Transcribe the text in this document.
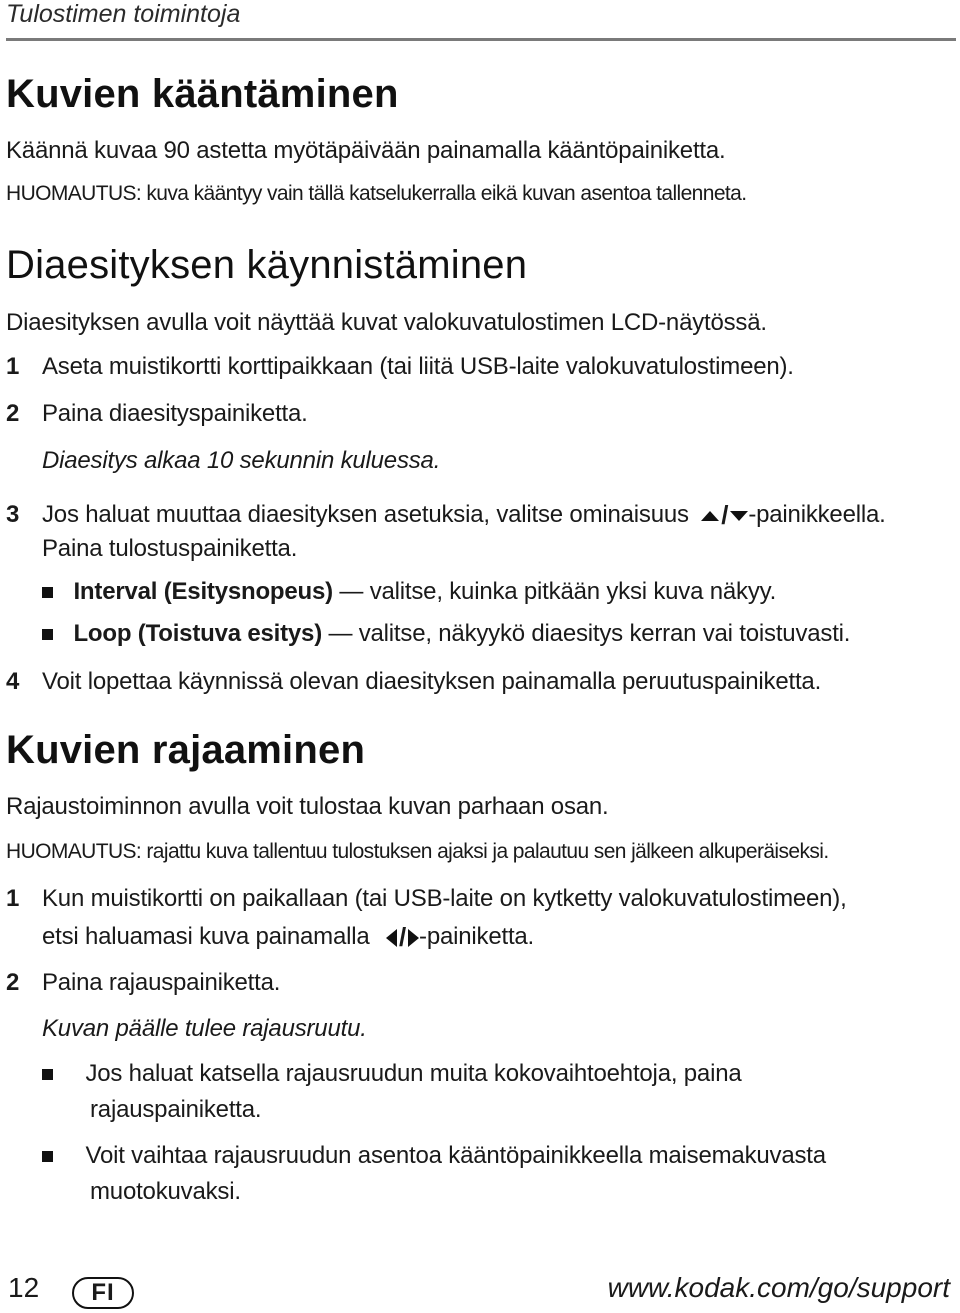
Tulostimen toimintoja
Kuvien kääntäminen
Käännä kuvaa 90 astetta myötäpäivään painamalla kääntöpainiketta.
HUOMAUTUS: kuva kääntyy vain tällä katselukerralla eikä kuvan asentoa tallenneta.
Diaesityksen käynnistäminen
Diaesityksen avulla voit näyttää kuvat valokuvatulostimen LCD-näytössä.
1 Aseta muistikortti korttipaikkaan (tai liitä USB-laite valokuvatulostimeen).
2 Paina diaesityspainiketta.
Diaesitys alkaa 10 sekunnin kuluessa.
3 Jos haluat muuttaa diaesityksen asetuksia, valitse ominaisuus / -painikkeella.
Paina tulostuspainiketta.
Interval (Esitysnopeus) — valitse, kuinka pitkään yksi kuva näkyy.
Loop (Toistuva esitys) — valitse, näkyykö diaesitys kerran vai toistuvasti.
4 Voit lopettaa käynnissä olevan diaesityksen painamalla peruutuspainiketta.
Kuvien rajaaminen
Rajaustoiminnon avulla voit tulostaa kuvan parhaan osan.
HUOMAUTUS: rajattu kuva tallentuu tulostuksen ajaksi ja palautuu sen jälkeen alkuperäiseksi.
1 Kun muistikortti on paikallaan (tai USB-laite on kytketty valokuvatulostimeen),
etsi haluamasi kuva painamalla / -painiketta.
2 Paina rajauspainiketta.
Kuvan päälle tulee rajausruutu.
Jos haluat katsella rajausruudun muita kokovaihtoehtoja, paina
rajauspainiketta.
Voit vaihtaa rajausruudun asentoa kääntöpainikkeella maisemakuvasta
muotokuvaksi.
12	FI	www.kodak.com/go/support
